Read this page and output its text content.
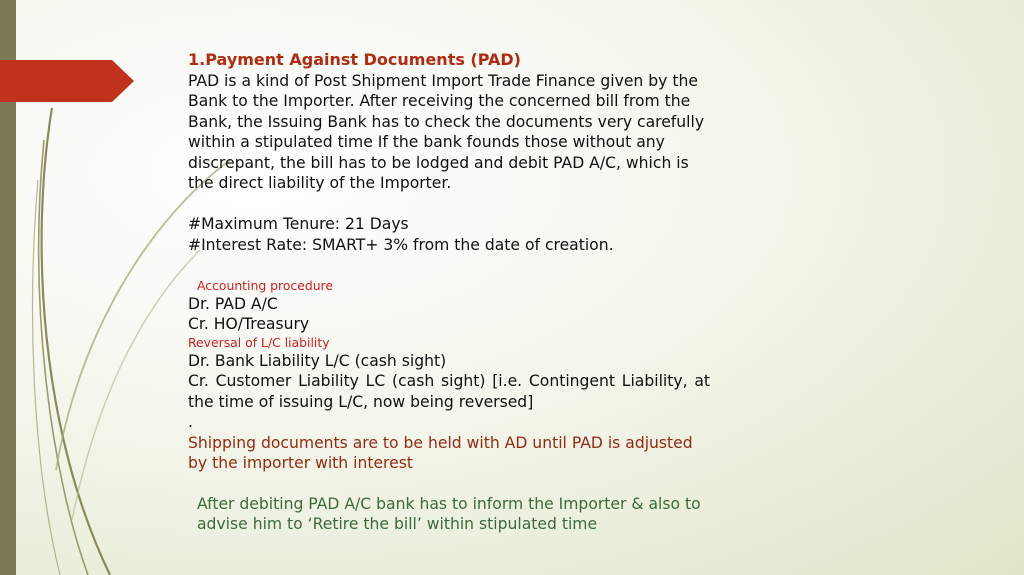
1.Payment Against Documents (PAD)
PAD is a kind of Post Shipment Import Trade Finance given by the
Bank to the Importer. After receiving the concerned bill from the
Bank, the Issuing Bank has to check the documents very carefully
within a stipulated time If the bank founds those without any
discrepant, the bill has to be lodged and debit PAD A/C, which is
the direct liability of the Importer.
#Maximum Tenure: 21 Days
#Interest Rate: SMART+ 3% from the date of creation.
Accounting procedure
Dr. PAD A/C
Cr. HO/Treasury
Reversal of L/C liability
Dr. Bank Liability L/C (cash sight)
Cr. Customer Liability LC (cash sight) [i.e. Contingent Liability, at the time of issuing L/C, now being reversed]
.
Shipping documents are to be held with AD until PAD is adjusted by the importer with interest
After debiting PAD A/C bank has to inform the Importer & also to advise him to ‘Retire the bill’ within stipulated time
